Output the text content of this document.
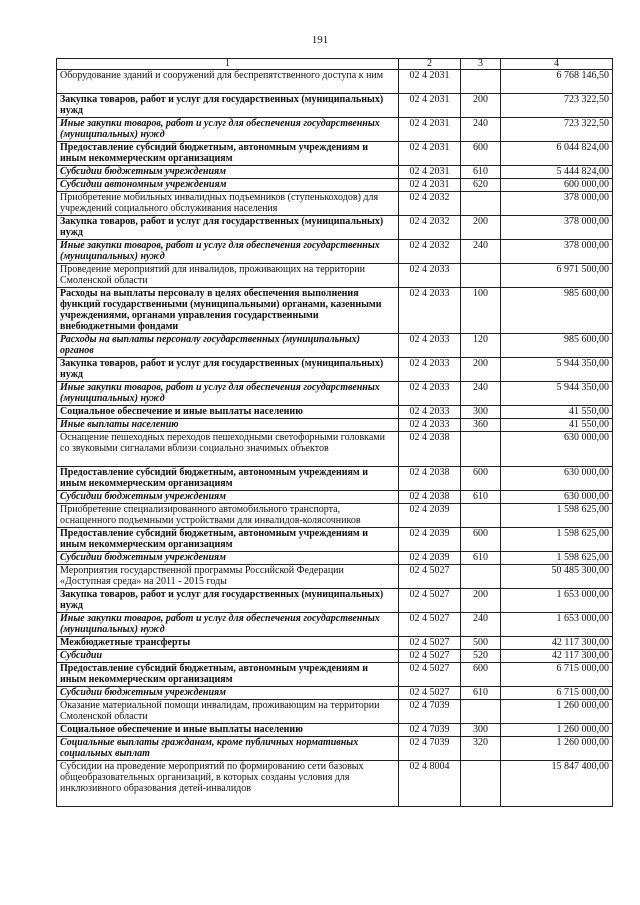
191
1	2	3	4
Оборудование зданий и сооружений для беспрепятственного доступа к ним	02 4 2031		6 768 146,50
Закупка товаров, работ и услуг для государственных (муниципальных) нужд	02 4 2031	200	723 322,50
Иные закупки товаров, работ и услуг для обеспечения государственных (муниципальных) нужд	02 4 2031	240	723 322,50
Предоставление субсидий бюджетным, автономным учреждениям и иным некоммерческим организациям	02 4 2031	600	6 044 824,00
Субсидии бюджетным учреждениям	02 4 2031	610	5 444 824,00
Субсидии автономным учреждениям	02 4 2031	620	600 000,00
Приобретение мобильных инвалидных подъемников (ступенькоходов) для учреждений социального обслуживания населения	02 4 2032		378 000,00
Закупка товаров, работ и услуг для государственных (муниципальных) нужд	02 4 2032	200	378 000,00
Иные закупки товаров, работ и услуг для обеспечения государственных (муниципальных) нужд	02 4 2032	240	378 000,00
Проведение мероприятий для инвалидов, проживающих на территории Смоленской области	02 4 2033		6 971 500,00
Расходы на выплаты персоналу в целях обеспечения выполнения функций государственными (муниципальными) органами, казенными учреждениями, органами управления государственными внебюджетными фондами	02 4 2033	100	985 600,00
Расходы на выплаты персоналу государственных (муниципальных) органов	02 4 2033	120	985 600,00
Закупка товаров, работ и услуг для государственных (муниципальных) нужд	02 4 2033	200	5 944 350,00
Иные закупки товаров, работ и услуг для обеспечения государственных (муниципальных) нужд	02 4 2033	240	5 944 350,00
Социальное обеспечение и иные выплаты населению	02 4 2033	300	41 550,00
Иные выплаты населению	02 4 2033	360	41 550,00
Оснащение пешеходных переходов пешеходными светофорными головками со звуковыми сигналами вблизи социально значимых объектов	02 4 2038		630 000,00
Предоставление субсидий бюджетным, автономным учреждениям и иным некоммерческим организациям	02 4 2038	600	630 000,00
Субсидии бюджетным учреждениям	02 4 2038	610	630 000,00
Приобретение специализированного автомобильного транспорта, оснащенного подъемными устройствами для инвалидов-колясочников	02 4 2039		1 598 625,00
Предоставление субсидий бюджетным, автономным учреждениям и иным некоммерческим организациям	02 4 2039	600	1 598 625,00
Субсидии бюджетным учреждениям	02 4 2039	610	1 598 625,00
Мероприятия государственной программы Российской Федерации «Доступная среда» на 2011 - 2015 годы	02 4 5027		50 485 300,00
Закупка товаров, работ и услуг для государственных (муниципальных) нужд	02 4 5027	200	1 653 000,00
Иные закупки товаров, работ и услуг для обеспечения государственных (муниципальных) нужд	02 4 5027	240	1 653 000,00
Межбюджетные трансферты	02 4 5027	500	42 117 300,00
Субсидии	02 4 5027	520	42 117 300,00
Предоставление субсидий бюджетным, автономным учреждениям и иным некоммерческим организациям	02 4 5027	600	6 715 000,00
Субсидии бюджетным учреждениям	02 4 5027	610	6 715 000,00
Оказание материальной помощи инвалидам, проживающим на территории Смоленской области	02 4 7039		1 260 000,00
Социальное обеспечение и иные выплаты населению	02 4 7039	300	1 260 000,00
Социальные выплаты гражданам, кроме публичных нормативных социальных выплат	02 4 7039	320	1 260 000,00
Субсидии на проведение мероприятий по формированию сети базовых общеобразовательных организаций, в которых созданы условия для инклюзивного образования детей-инвалидов	02 4 8004		15 847 400,00
